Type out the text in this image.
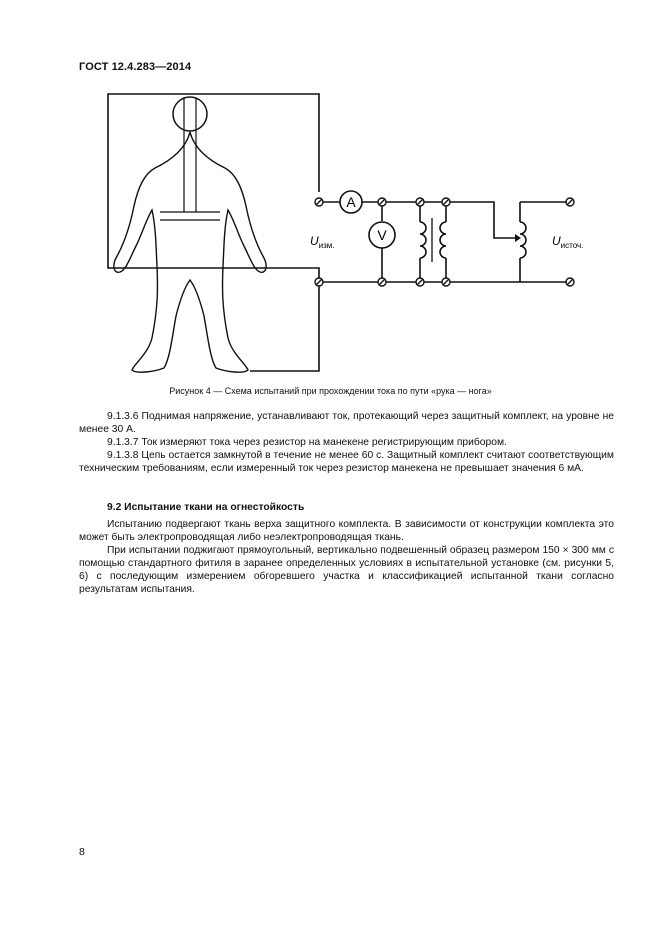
ГОСТ 12.4.283—2014
A
V
$U_{изм.}$	$U_{источ.}$
Рисунок 4 — Схема испытаний при прохождении тока по пути «рука — нога»

9.1.3.6 Поднимая напряжение, устанавливают ток, протекающий через защитный комплект, на уровне не менее 30 А.

9.1.3.7 Ток измеряют тока через резистор на манекене регистрирующим прибором.

9.1.3.8 Цепь остается замкнутой в течение не менее 60 с. Защитный комплект считают соответствующим техническим требованиям, если измеренный ток через резистор манекена не превышает значения 6 мА.

9.2 Испытание ткани на огнестойкость

Испытанию подвергают ткань верха защитного комплекта. В зависимости от конструкции комплекта это может быть электропроводящая либо неэлектропроводящая ткань.

При испытании поджигают прямоугольный, вертикально подвешенный образец размером 150 × 300 мм с помощью стандартного фитиля в заранее определенных условиях в испытательной установке (см. рисунки 5, 6) с последующим измерением обгоревшего участка и классификацией испытанной ткани согласно результатам испытания.

8
